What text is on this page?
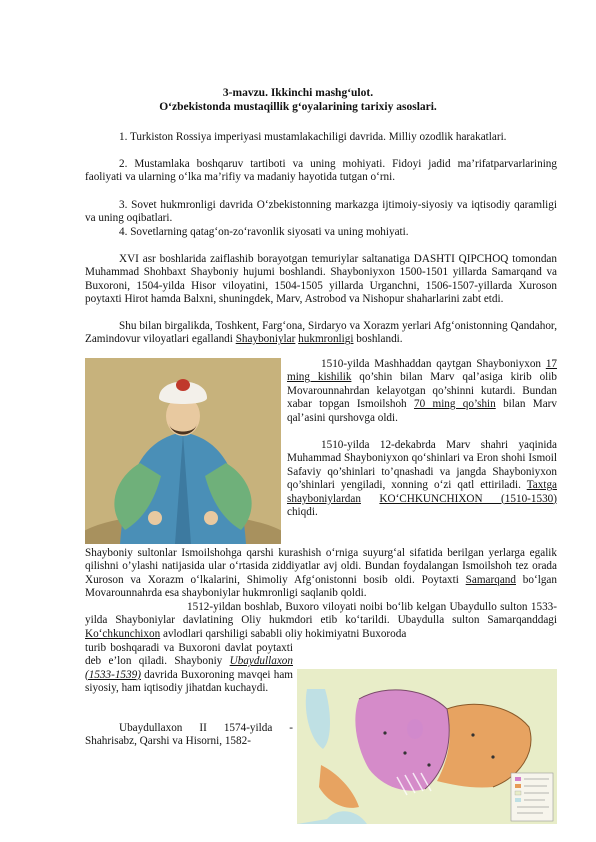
3-mavzu. Ikkinchi mashg‘ulot.
O‘zbekistonda mustaqillik g‘oyalarining tarixiy asoslari.
1. Turkiston Rossiya imperiyasi mustamlakachiligi davrida. Milliy ozodlik harakatlari.
2. Mustamlaka boshqaruv tartiboti va uning mohiyati. Fidoyi jadid ma’rifatparvarlarining faoliyati va ularning o‘lka ma’rifiy va madaniy hayotida tutgan o‘rni.
3. Sovet hukmronligi davrida O‘zbekistonning markazga ijtimoiy-siyosiy va iqtisodiy qaramligi va uning oqibatlari.
4. Sovetlarning qatag‘on-zo‘ravonlik siyosati va uning mohiyati.
XVI asr boshlarida zaiflashib borayotgan temuriylar saltanatiga DASHTI QIPCHOQ tomondan Muhammad Shohbaxt Shayboniy hujumi boshlandi. Shayboniyxon 1500-1501 yillarda Samarqand va Buxoroni, 1504-yilda Hisor viloyatini, 1504-1505 yillarda Urganchni, 1506-1507-yillarda Xuroson poytaxti Hirot hamda Balxni, shuningdek, Marv, Astrobod va Nishopur shaharlarini zabt etdi.
Shu bilan birgalikda, Toshkent, Farg‘ona, Sirdaryo va Xorazm yerlari Afg‘onistonning Qandahor, Zamindovur viloyatlari egallandi Shayboniylar hukmronligi boshlandi.
1510-yilda Mashhaddan qaytgan Shayboniyxon 17 ming kishilik qo’shin bilan Marv qal’asiga kirib olib Movarounnahrdan kelayotgan qo’shinni kutardi. Bundan xabar topgan Ismoilshoh 70 ming qo’shin bilan Marv qal’asini qurshovga oldi.
1510-yilda 12-dekabrda Marv shahri yaqinida Muhammad Shayboniyxon qo‘shinlari va Eron shohi Ismoil Safaviy qo’shinlari to’qnashadi va jangda Shayboniyxon qo’shinlari yengiladi, xonning o‘zi qatl ettiriladi. Taxtga shayboniylardan KO‘CHKUNCHIXON (1510-1530) chiqdi.
Shayboniy sultonlar Ismoilshohga qarshi kurashish o‘rniga suyurg‘al sifatida berilgan yerlarga egalik qilishni o’ylashi natijasida ular o‘rtasida ziddiyatlar avj oldi. Bundan foydalangan Ismoilshoh tez orada Xuroson va Xorazm o‘lkalarini, Shimoliy Afg‘onistonni bosib oldi. Poytaxti Samarqand bo‘lgan Movarounnahrda esa shayboniylar hukmronligi saqlanib qoldi.
1512-yildan boshlab, Buxoro viloyati noibi bo‘lib kelgan Ubaydullo sulton 1533-yilda Shayboniylar davlatining Oliy hukmdori etib ko‘tarildi. Ubaydulla sulton Samarqanddagi Ko‘chkunchixon avlodlari qarshiligi sababli oliy hokimiyatni Buxoroda
turib boshqaradi va Buxoroni davlat poytaxti deb e’lon qiladi. Shayboniy Ubaydullaxon (1533-1539) davrida Buxoroning mavqei ham siyosiy, ham iqtisodiy jihatdan kuchaydi.
Ubaydullaxon II 1574-yilda - Shahrisabz, Qarshi va Hisorni, 1582-
